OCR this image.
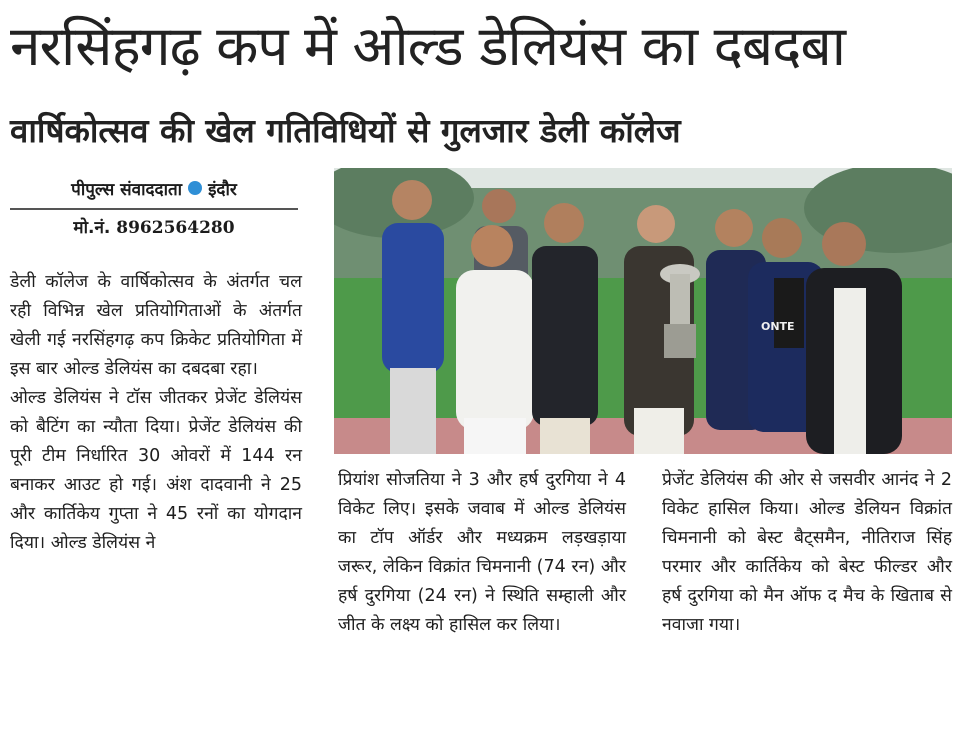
नरसिंहगढ़ कप में ओल्ड डेलियंस का दबदबा
वार्षिकोत्सव की खेल गतिविधियों से गुलजार डेली कॉलेज
पीपुल्स संवाददाता इंदौर
मो.नं. 8962564280

डेली कॉलेज के वार्षिकोत्सव के अंतर्गत चल रही विभिन्न खेल प्रतियोगिताओं के अंतर्गत खेली गई नरसिंहगढ़ कप क्रिकेट प्रतियोगिता में इस बार ओल्ड डेलियंस का दबदबा रहा।

ओल्ड डेलियंस ने टॉस जीतकर प्रेजेंट डेलियंस को बैटिंग का न्यौता दिया। प्रेजेंट डेलियंस की पूरी टीम निर्धारित 30 ओवरों में 144 रन बनाकर आउट हो गई। अंश दादवानी ने 25 और कार्तिकेय गुप्ता ने 45 रनों का योगदान दिया। ओल्ड डेलियंस ने

ONTE
प्रियांश सोजतिया ने 3 और हर्ष दुरगिया ने 4 विकेट लिए। इसके जवाब में ओल्ड डेलियंस का टॉप ऑर्डर और मध्यक्रम लड़खड़ाया जरूर, लेकिन विक्रांत चिमनानी (74 रन) और हर्ष दुरगिया (24 रन) ने स्थिति सम्हाली और जीत के लक्ष्य को हासिल कर लिया।
प्रेजेंट डेलियंस की ओर से जसवीर आनंद ने 2 विकेट हासिल किया। ओल्ड डेलियन विक्रांत चिमनानी को बेस्ट बैट्समैन, नीतिराज सिंह परमार और कार्तिकेय को बेस्ट फील्डर और हर्ष दुरगिया को मैन ऑफ द मैच के खिताब से नवाजा गया।
